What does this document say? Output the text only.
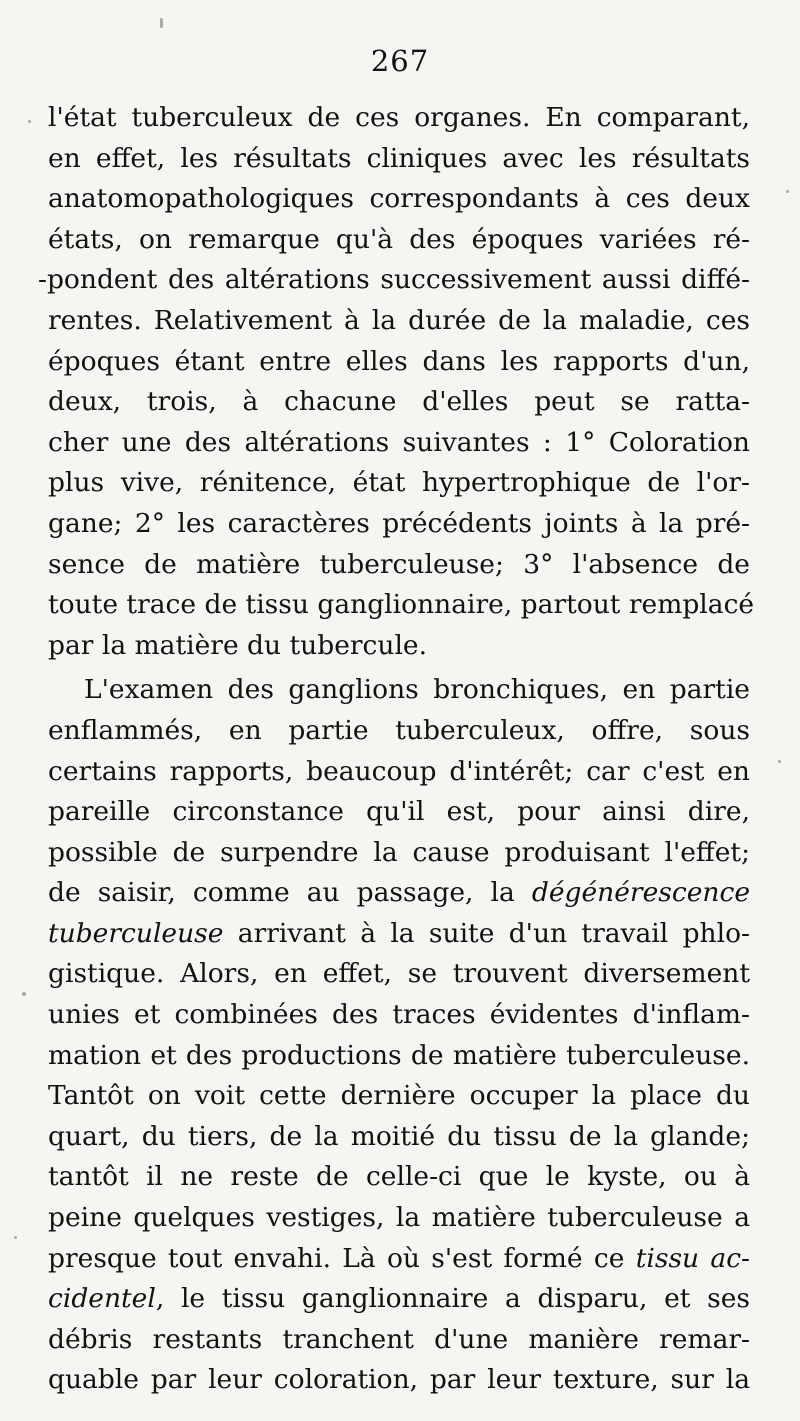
267
l'état tuberculeux de ces organes. En comparant,
en effet, les résultats cliniques avec les résultats
anatomopathologiques correspondants à ces deux
états, on remarque qu'à des époques variées ré-
-pondent des altérations successivement aussi diffé-
rentes. Relativement à la durée de la maladie, ces
époques étant entre elles dans les rapports d'un,
deux, trois, à chacune d'elles peut se ratta-
cher une des altérations suivantes : 1° Coloration
plus vive, rénitence, état hypertrophique de l'or-
gane; 2° les caractères précédents joints à la pré-
sence de matière tuberculeuse; 3° l'absence de
toute trace de tissu ganglionnaire, partout remplacé
par la matière du tubercule.
L'examen des ganglions bronchiques, en partie
enflammés, en partie tuberculeux, offre, sous
certains rapports, beaucoup d'intérêt; car c'est en
pareille circonstance qu'il est, pour ainsi dire,
possible de surpendre la cause produisant l'effet;
de saisir, comme au passage, la dégénérescence
tuberculeuse arrivant à la suite d'un travail phlo-
gistique. Alors, en effet, se trouvent diversement
unies et combinées des traces évidentes d'inflam-
mation et des productions de matière tuberculeuse.
Tantôt on voit cette dernière occuper la place du
quart, du tiers, de la moitié du tissu de la glande;
tantôt il ne reste de celle-ci que le kyste, ou à
peine quelques vestiges, la matière tuberculeuse a
presque tout envahi. Là où s'est formé ce tissu ac-
cidentel, le tissu ganglionnaire a disparu, et ses
débris restants tranchent d'une manière remar-
quable par leur coloration, par leur texture, sur la
